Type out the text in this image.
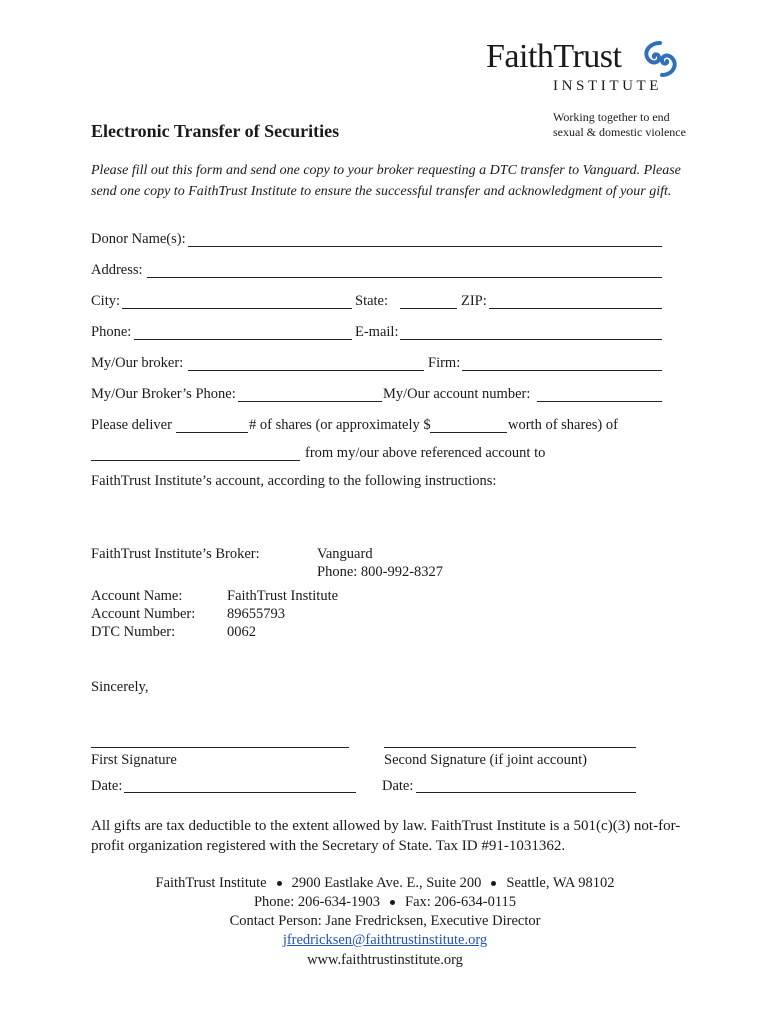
FaithTrust
INSTITUTE
Working together to end
sexual & domestic violence
Electronic Transfer of Securities
Please fill out this form and send one copy to your broker requesting a DTC transfer to Vanguard. Please send one copy to FaithTrust Institute to ensure the successful transfer and acknowledgment of your gift.
Donor Name(s):
Address:
City:	State:	ZIP:
Phone:	E-mail:
My/Our broker:	Firm:
My/Our Broker’s Phone:	My/Our account number:
Please deliver	# of shares (or approximately $	worth of shares) of
from my/our above referenced account to
FaithTrust Institute’s account, according to the following instructions:
FaithTrust Institute’s Broker:	Vanguard
Phone: 800-992-8327
Account Name:	FaithTrust Institute
Account Number: 89655793
DTC Number:	0062
Sincerely,
First Signature	Second Signature (if joint account)
Date:	Date:
All gifts are tax deductible to the extent allowed by law. FaithTrust Institute is a 501(c)(3) not-for-profit organization registered with the Secretary of State. Tax ID #91-1031362.
FaithTrust Institute 2900 Eastlake Ave. E., Suite 200 Seattle, WA 98102
Phone: 206-634-1903 Fax: 206-634-0115
Contact Person: Jane Fredricksen, Executive Director
jfredricksen@faithtrustinstitute.org
www.faithtrustinstitute.org
